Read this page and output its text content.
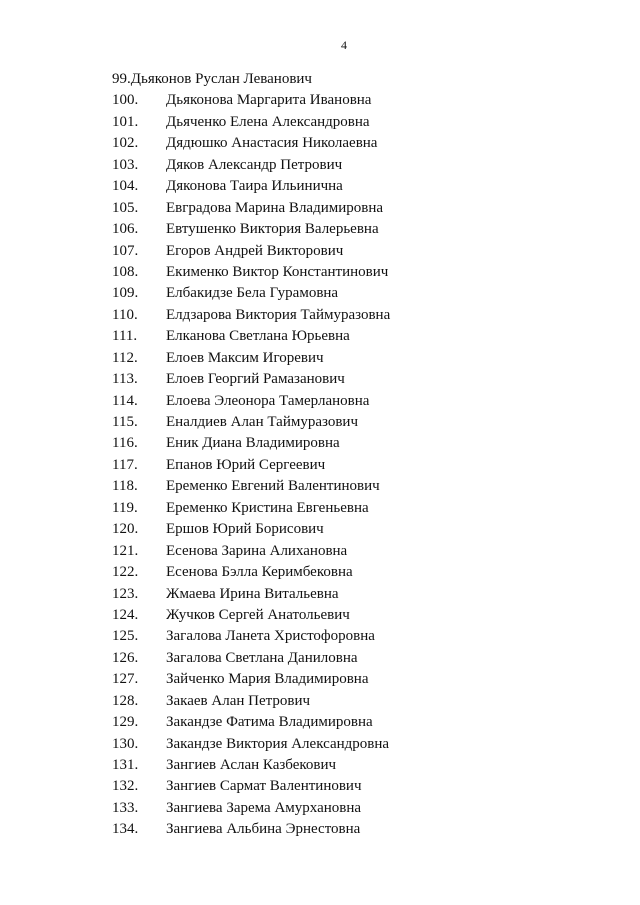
4
99. Дьяконов Руслан Леванович
100.	Дьяконова Маргарита Ивановна
101.	Дьяченко Елена Александровна
102.	Дядюшко Анастасия Николаевна
103.	Дяков Александр Петрович
104.	Дяконова Таира Ильинична
105.	Евградова Марина Владимировна
106.	Евтушенко Виктория Валерьевна
107.	Егоров Андрей Викторович
108.	Екименко Виктор Константинович
109.	Елбакидзе Бела Гурамовна
110.	Елдзарова Виктория Таймуразовна
111.	Елканова Светлана Юрьевна
112.	Елоев Максим Игоревич
113.	Елоев Георгий Рамазанович
114.	Елоева Элеонора Тамерлановна
115.	Еналдиев Алан Таймуразович
116.	Еник Диана Владимировна
117.	Епанов Юрий Сергеевич
118.	Еременко Евгений Валентинович
119.	Еременко Кристина Евгеньевна
120.	Ершов Юрий Борисович
121.	Есенова Зарина Алихановна
122.	Есенова Бэлла Керимбековна
123.	Жмаева Ирина Витальевна
124.	Жучков Сергей Анатольевич
125.	Загалова Ланета Христофоровна
126.	Загалова Светлана Даниловна
127.	Зайченко Мария Владимировна
128.	Закаев Алан Петрович
129.	Закандзе Фатима Владимировна
130.	Закандзе Виктория Александровна
131.	Зангиев Аслан Казбекович
132.	Зангиев Сармат Валентинович
133.	Зангиева Зарема Амурхановна
134.	Зангиева Альбина Эрнестовна
